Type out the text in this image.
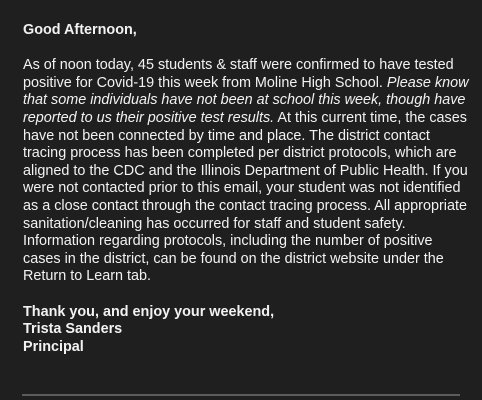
Good Afternoon,
As of noon today, 45 students & staff were confirmed to have tested positive for Covid-19 this week from Moline High School. Please know that some individuals have not been at school this week, though have reported to us their positive test results. At this current time, the cases have not been connected by time and place. The district contact tracing process has been completed per district protocols, which are aligned to the CDC and the Illinois Department of Public Health. If you were not contacted prior to this email, your student was not identified as a close contact through the contact tracing process. All appropriate sanitation/cleaning has occurred for staff and student safety. Information regarding protocols, including the number of positive cases in the district, can be found on the district website under the Return to Learn tab.
Thank you, and enjoy your weekend,
Trista Sanders
Principal
